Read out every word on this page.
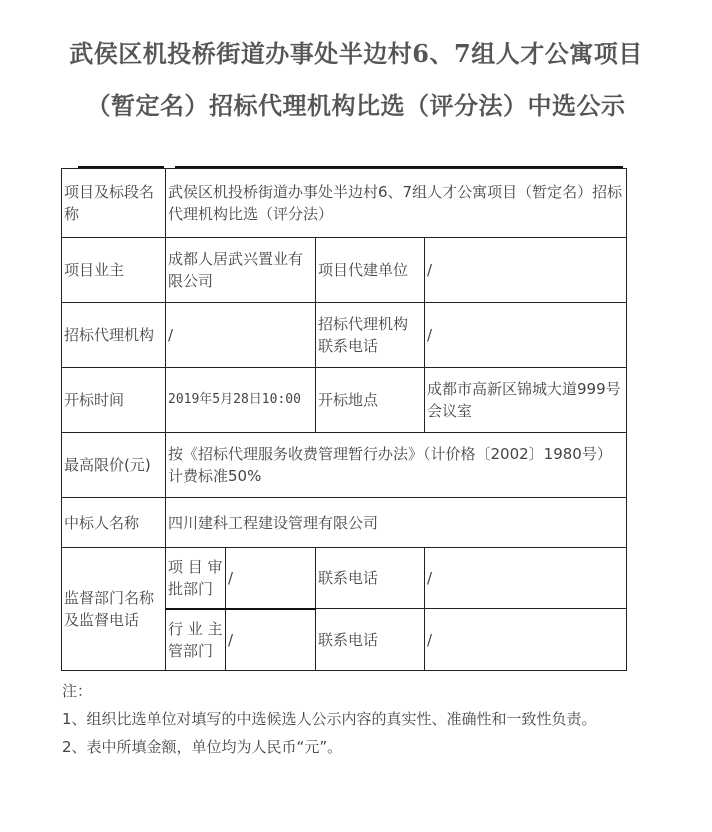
武侯区机投桥街道办事处半边村6、7组人才公寓项目
（暂定名）招标代理机构比选（评分法）中选公示
项目及标段名称	武侯区机投桥街道办事处半边村6、7组人才公寓项目（暂定名）招标代理机构比选（评分法）			
项目业主	成都人居武兴置业有限公司		项目代建单位	/
招标代理机构	/		招标代理机构联系电话	/
开标时间	2019年5月28日10:00		开标地点	成都市高新区锦城大道999号会议室
最高限价(元)	按《招标代理服务收费管理暂行办法》（计价格〔2002〕1980号）计费标准50%			
中标人名称	四川建科工程建设管理有限公司			
监督部门名称及监督电话	项 目 审批部门	/	联系电话	/
	行 业 主管部门	/	联系电话	/

注：

1、组织比选单位对填写的中选候选人公示内容的真实性、准确性和一致性负责。

2、表中所填金额，单位均为人民币“元”。
